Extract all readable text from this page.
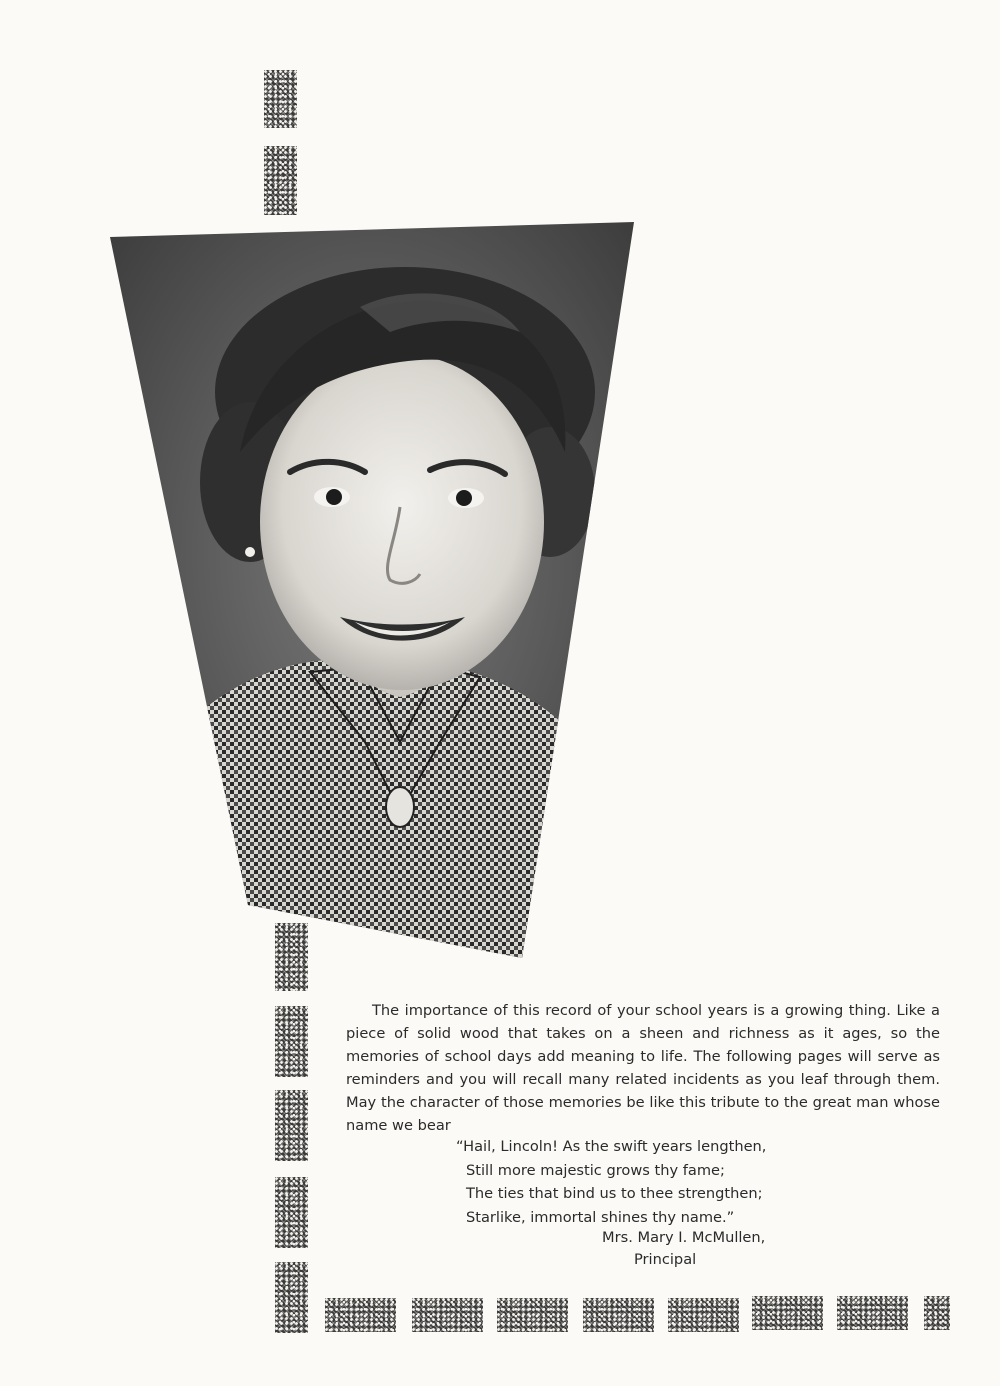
The importance of this record of your school years is a growing thing. Like a piece of solid wood that takes on a sheen and richness as it ages, so the memories of school days add meaning to life. The following pages will serve as reminders and you will recall many related incidents as you leaf through them. May the character of those memories be like this tribute to the great man whose name we bear
“Hail, Lincoln! As the swift years lengthen,
Still more majestic grows thy fame;
The ties that bind us to thee strengthen;
Starlike, immortal shines thy name.”
Mrs. Mary I. McMullen,
Principal
